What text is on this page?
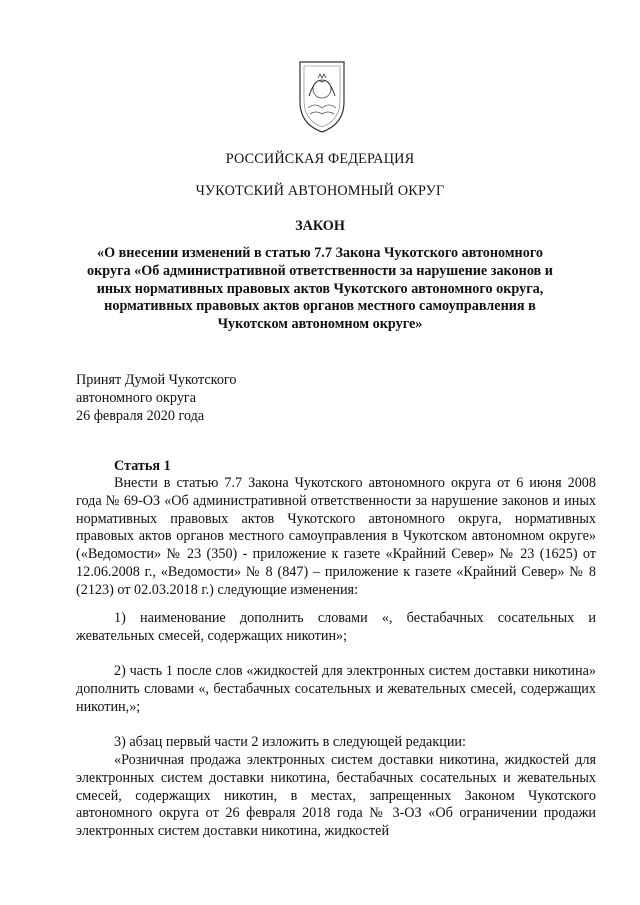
РОССИЙСКАЯ ФЕДЕРАЦИЯ
ЧУКОТСКИЙ АВТОНОМНЫЙ ОКРУГ
ЗАКОН
«О внесении изменений в статью 7.7 Закона Чукотского автономного округа «Об административной ответственности за нарушение законов и иных нормативных правовых актов Чукотского автономного округа, нормативных правовых актов органов местного самоуправления в Чукотском автономном округе»
Принят Думой Чукотского
автономного округа
26 февраля 2020 года
Статья 1
Внести в статью 7.7 Закона Чукотского автономного округа от 6 июня 2008 года № 69-ОЗ «Об административной ответственности за нарушение законов и иных нормативных правовых актов Чукотского автономного округа, нормативных правовых актов органов местного самоуправления в Чукотском автономном округе» («Ведомости» № 23 (350) - приложение к газете «Крайний Север» № 23 (1625) от 12.06.2008 г., «Ведомости» № 8 (847) – приложение к газете «Крайний Север» № 8 (2123) от 02.03.2018 г.) следующие изменения:
1) наименование дополнить словами «, бестабачных сосательных и жевательных смесей, содержащих никотин»;
2) часть 1 после слов «жидкостей для электронных систем доставки никотина» дополнить словами «, бестабачных сосательных и жевательных смесей, содержащих никотин,»;
3) абзац первый части 2 изложить в следующей редакции:
«Розничная продажа электронных систем доставки никотина, жидкостей для электронных систем доставки никотина, бестабачных сосательных и жевательных смесей, содержащих никотин, в местах, запрещенных Законом Чукотского автономного округа от 26 февраля 2018 года № 3-ОЗ «Об ограничении продажи электронных систем доставки никотина, жидкостей
